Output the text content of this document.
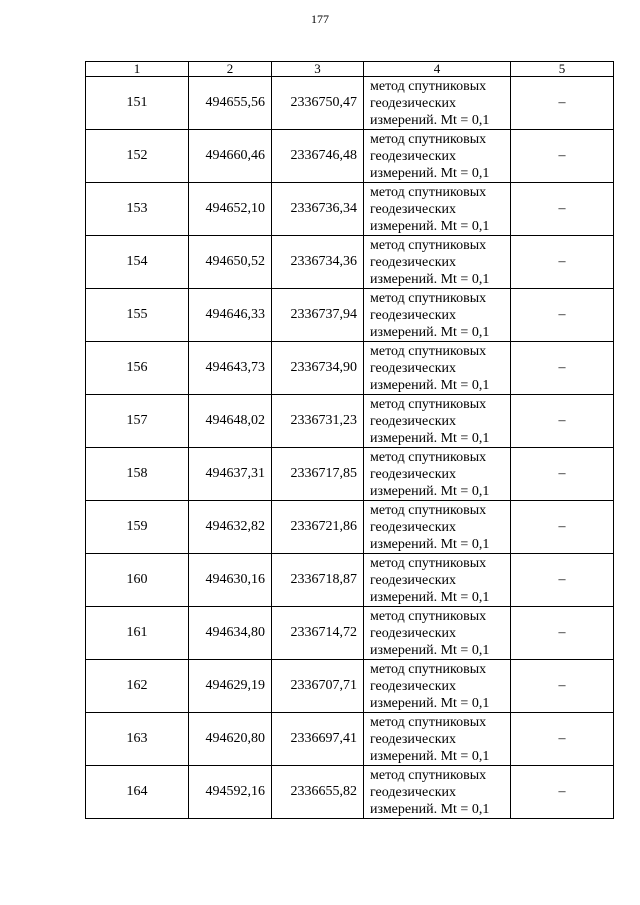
177
1	2	3	4	5
151	494655,56	2336750,47	метод спутниковых
геодезических
измерений. Mt = 0,1	–
152	494660,46	2336746,48	метод спутниковых
геодезических
измерений. Mt = 0,1	–
153	494652,10	2336736,34	метод спутниковых
геодезических
измерений. Mt = 0,1	–
154	494650,52	2336734,36	метод спутниковых
геодезических
измерений. Mt = 0,1	–
155	494646,33	2336737,94	метод спутниковых
геодезических
измерений. Mt = 0,1	–
156	494643,73	2336734,90	метод спутниковых
геодезических
измерений. Mt = 0,1	–
157	494648,02	2336731,23	метод спутниковых
геодезических
измерений. Mt = 0,1	–
158	494637,31	2336717,85	метод спутниковых
геодезических
измерений. Mt = 0,1	–
159	494632,82	2336721,86	метод спутниковых
геодезических
измерений. Mt = 0,1	–
160	494630,16	2336718,87	метод спутниковых
геодезических
измерений. Mt = 0,1	–
161	494634,80	2336714,72	метод спутниковых
геодезических
измерений. Mt = 0,1	–
162	494629,19	2336707,71	метод спутниковых
геодезических
измерений. Mt = 0,1	–
163	494620,80	2336697,41	метод спутниковых
геодезических
измерений. Mt = 0,1	–
164	494592,16	2336655,82	метод спутниковых
геодезических
измерений. Mt = 0,1	–
